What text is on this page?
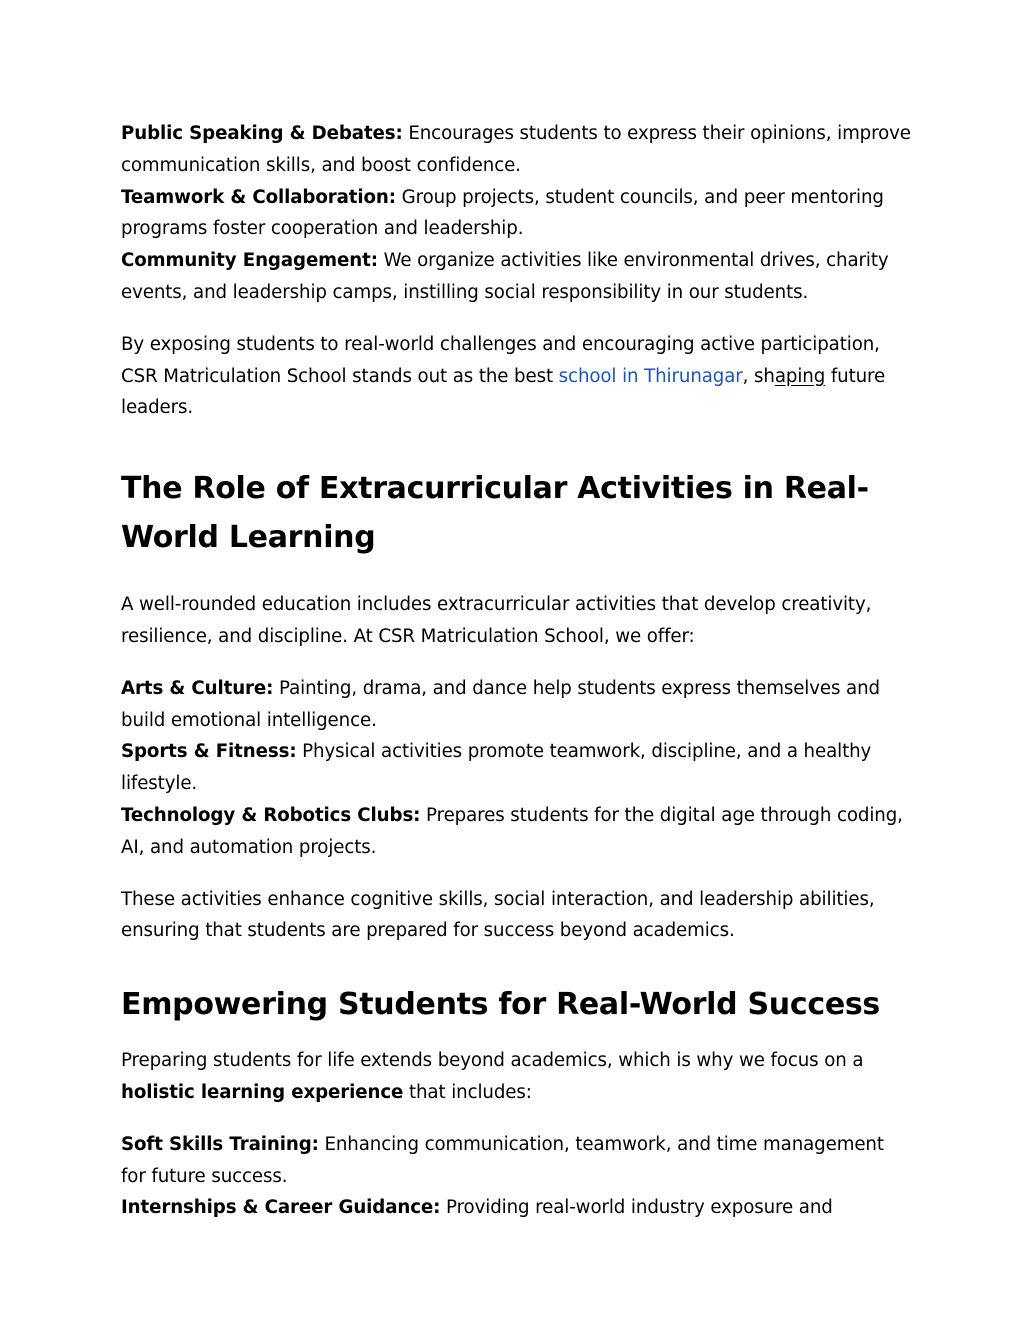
Public Speaking & Debates: Encourages students to express their opinions, improve communication skills, and boost confidence.

Teamwork & Collaboration: Group projects, student councils, and peer mentoring programs foster cooperation and leadership.

Community Engagement: We organize activities like environmental drives, charity events, and leadership camps, instilling social responsibility in our students.

By exposing students to real-world challenges and encouraging active participation, CSR Matriculation School stands out as the best school in Thirunagar, shaping future leaders.

The Role of Extracurricular Activities in Real-World Learning

A well-rounded education includes extracurricular activities that develop creativity, resilience, and discipline. At CSR Matriculation School, we offer:

Arts & Culture: Painting, drama, and dance help students express themselves and build emotional intelligence.

Sports & Fitness: Physical activities promote teamwork, discipline, and a healthy lifestyle.

Technology & Robotics Clubs: Prepares students for the digital age through coding, AI, and automation projects.

These activities enhance cognitive skills, social interaction, and leadership abilities, ensuring that students are prepared for success beyond academics.

Empowering Students for Real-World Success

Preparing students for life extends beyond academics, which is why we focus on a holistic learning experience that includes:

Soft Skills Training: Enhancing communication, teamwork, and time management for future success.

Internships & Career Guidance: Providing real-world industry exposure and
